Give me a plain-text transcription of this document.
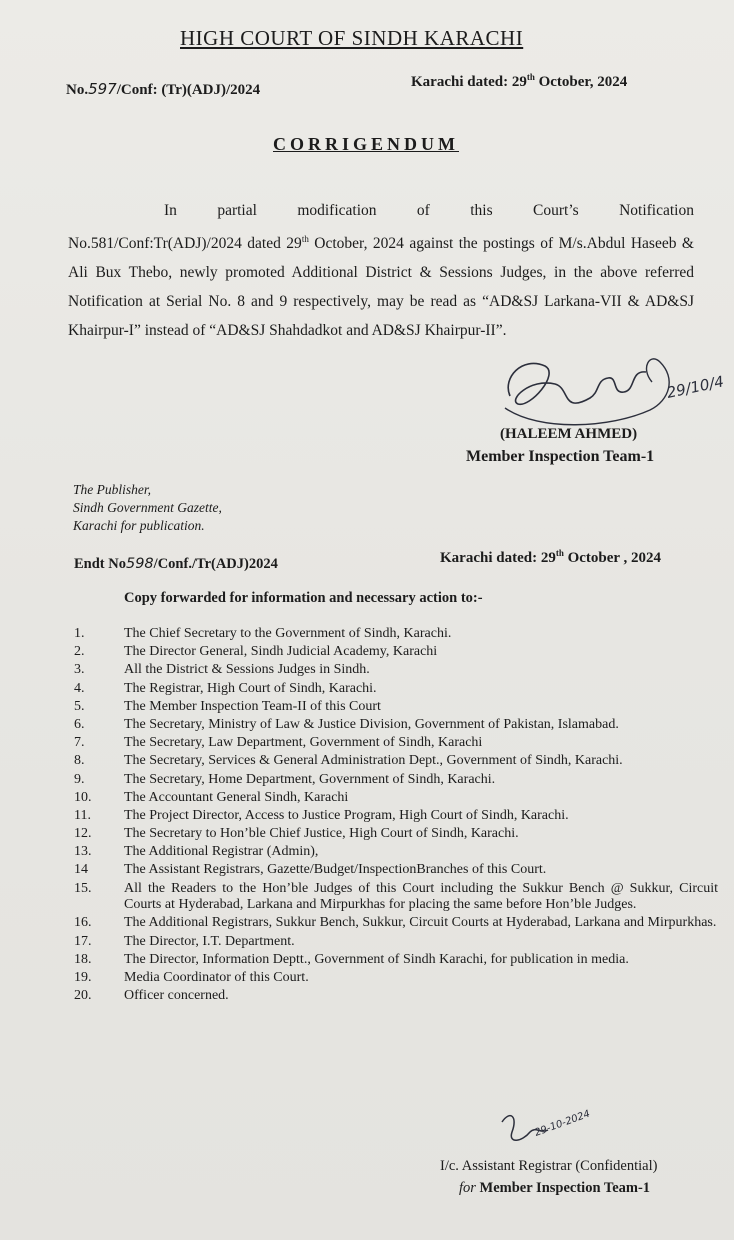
HIGH COURT OF SINDH KARACHI
No.597/Conf: (Tr)(ADJ)/2024	Karachi dated: 29th October, 2024
CORRIGENDUM
In partial modification of this Court’s Notification
No.581/Conf:Tr(ADJ)/2024 dated 29th October, 2024 against the postings of M/s.Abdul Haseeb & Ali Bux Thebo, newly promoted Additional District & Sessions Judges, in the above referred Notification at Serial No. 8 and 9 respectively, may be read as “AD&SJ Larkana-VII & AD&SJ Khairpur-I” instead of “AD&SJ Shahdadkot and AD&SJ Khairpur-II”.
29/10/4
(HALEEM AHMED)
Member Inspection Team-1
The Publisher,
Sindh Government Gazette,
Karachi for publication.
Endt No598/Conf./Tr(ADJ)2024	Karachi dated: 29th October , 2024
Copy forwarded for information and necessary action to:-
1.	The Chief Secretary to the Government of Sindh, Karachi.
2.	The Director General, Sindh Judicial Academy, Karachi
3.	All the District & Sessions Judges in Sindh.
4.	The Registrar, High Court of Sindh, Karachi.
5.	The Member Inspection Team-II of this Court
6.	The Secretary, Ministry of Law & Justice Division, Government of Pakistan, Islamabad.
7.	The Secretary, Law Department, Government of Sindh, Karachi
8.	The Secretary, Services & General Administration Dept., Government of Sindh, Karachi.
9.	The Secretary, Home Department, Government of Sindh, Karachi.
10.	The Accountant General Sindh, Karachi
11.	The Project Director, Access to Justice Program, High Court of Sindh, Karachi.
12.	The Secretary to Hon’ble Chief Justice, High Court of Sindh, Karachi.
13.	The Additional Registrar (Admin),
14	The Assistant Registrars, Gazette/Budget/InspectionBranches of this Court.
15.	All the Readers to the Hon’ble Judges of this Court including the Sukkur Bench @ Sukkur, Circuit Courts at Hyderabad, Larkana and Mirpurkhas for placing the same before Hon’ble Judges.
16.	The Additional Registrars, Sukkur Bench, Sukkur, Circuit Courts at Hyderabad, Larkana and Mirpurkhas.
17.	The Director, I.T. Department.
18.	The Director, Information Deptt., Government of Sindh Karachi, for publication in media.
19.	Media Coordinator of this Court.
20.	Officer concerned.
29-10-2024
I/c. Assistant Registrar (Confidential)
for Member Inspection Team-1
